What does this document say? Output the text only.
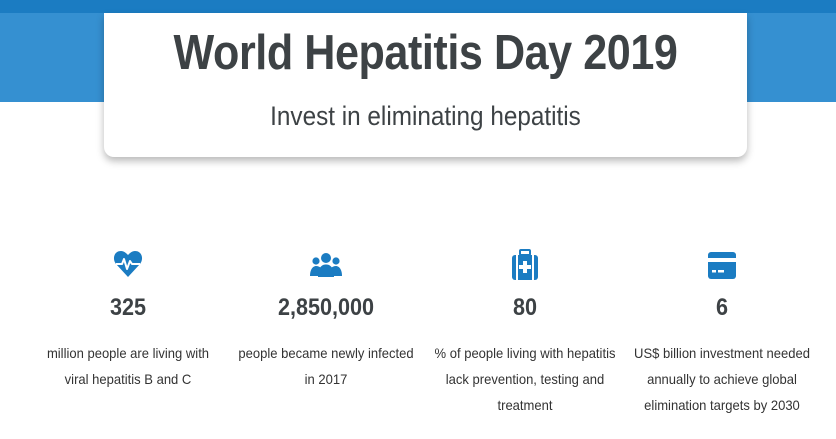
World Hepatitis Day 2019
Invest in eliminating hepatitis
325
million people are living with viral hepatitis B and C
2,850,000
people became newly infected in 2017
80
% of people living with hepatitis lack prevention, testing and treatment
6
US$ billion investment needed annually to achieve global elimination targets by 2030
